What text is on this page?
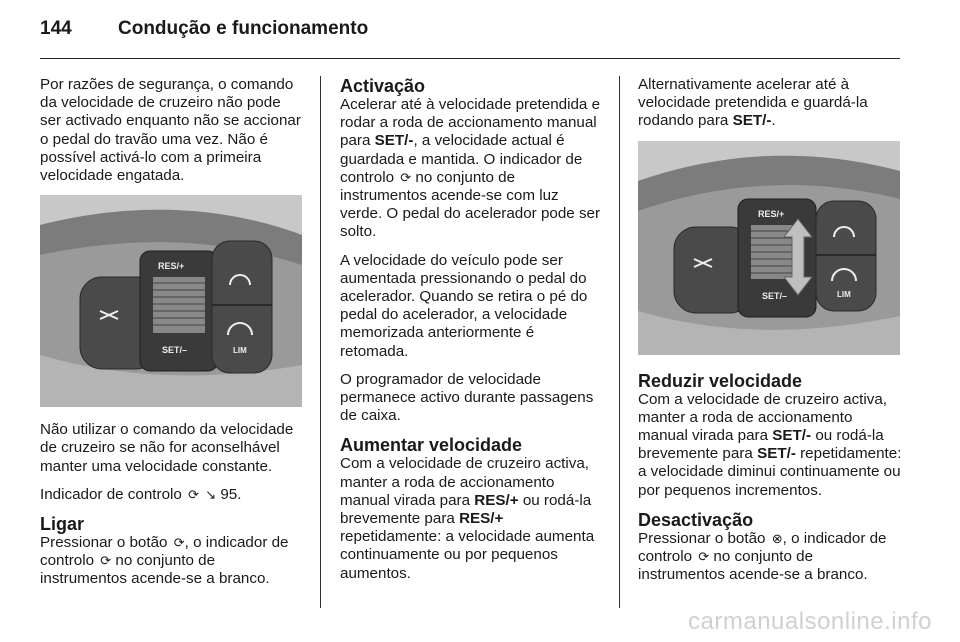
144 Condução e funcionamento

Por razões de segurança, o comando da velocidade de cruzeiro não pode ser activado enquanto não se accionar o pedal do travão uma vez. Não é possível activá-lo com a primeira velocidade engatada.

RES/+
SET/–	LIM

Não utilizar o comando da velocidade de cruzeiro se não for aconselhável manter uma velocidade constante.

Indicador de controlo ⟳ ↘ 95.

Ligar

Pressionar o botão ⟳, o indicador de controlo ⟳ no conjunto de instrumentos acende-se a branco.

Activação

Acelerar até à velocidade pretendida e rodar a roda de accionamento manual para SET/-, a velocidade actual é guardada e mantida. O indicador de controlo ⟳ no conjunto de instrumentos acende-se com luz verde. O pedal do acelerador pode ser solto.

A velocidade do veículo pode ser aumentada pressionando o pedal do acelerador. Quando se retira o pé do pedal do acelerador, a velocidade memorizada anteriormente é retomada.

O programador de velocidade permanece activo durante passagens de caixa.

Aumentar velocidade

Com a velocidade de cruzeiro activa, manter a roda de accionamento manual virada para RES/+ ou rodá-la brevemente para RES/+ repetidamente: a velocidade aumenta continuamente ou por pequenos aumentos.

Alternativamente acelerar até à velocidade pretendida e guardá-la rodando para SET/-.

RES/+
SET/–	LIM
Reduzir velocidade

Com a velocidade de cruzeiro activa, manter a roda de accionamento manual virada para SET/- ou rodá-la brevemente para SET/- repetidamente: a velocidade diminui continuamente ou por pequenos incrementos.

Desactivação

Pressionar o botão ⊗, o indicador de controlo ⟳ no conjunto de instrumentos acende-se a branco.

carmanualsonline.info
